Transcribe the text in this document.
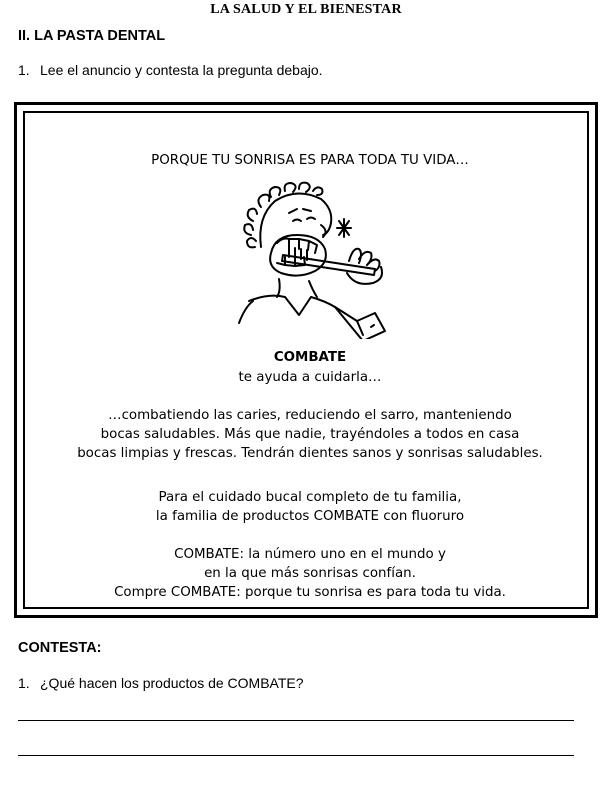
LA SALUD Y EL BIENESTAR
II. LA PASTA DENTAL
1. Lee el anuncio y contesta la pregunta debajo.
PORQUE TU SONRISA ES PARA TODA TU VIDA…
COMBATE
te ayuda a cuidarla…
…combatiendo las caries, reduciendo el sarro, manteniendo
bocas saludables. Más que nadie, trayéndoles a todos en casa
bocas limpias y frescas. Tendrán dientes sanos y sonrisas saludables.
Para el cuidado bucal completo de tu familia,
la familia de productos COMBATE con fluoruro
COMBATE: la número uno en el mundo y
en la que más sonrisas confían.
Compre COMBATE: porque tu sonrisa es para toda tu vida.
CONTESTA:
1. ¿Qué hacen los productos de COMBATE?
